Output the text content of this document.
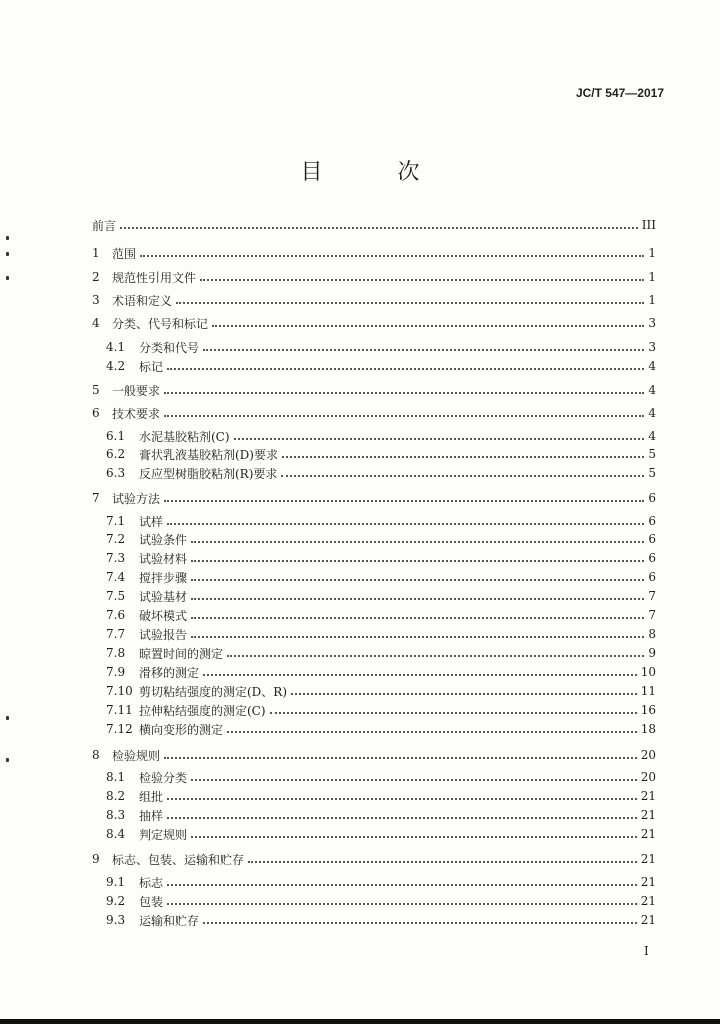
JC/T 547—2017
目 次
前言	III
1	范围	1
2	规范性引用文件	1
3	术语和定义	1
4	分类、代号和标记	3
4.1	分类和代号	3
4.2	标记	4
5	一般要求	4
6	技术要求	4
6.1	水泥基胶粘剂(C)	4
6.2	膏状乳液基胶粘剂(D)要求	5
6.3	反应型树脂胶粘剂(R)要求	5
7	试验方法	6
7.1	试样	6
7.2	试验条件	6
7.3	试验材料	6
7.4	搅拌步骤	6
7.5	试验基材	7
7.6	破坏模式	7
7.7	试验报告	8
7.8	晾置时间的测定	9
7.9	滑移的测定	10
7.10 剪切粘结强度的测定(D、R)	11
7.11 拉伸粘结强度的测定(C)	16
7.12 横向变形的测定	18
8	检验规则	20
8.1	检验分类	20
8.2	组批	21
8.3	抽样	21
8.4	判定规则	21
9	标志、包装、运输和贮存	21
9.1	标志	21
9.2	包装	21
9.3	运输和贮存	21
I
